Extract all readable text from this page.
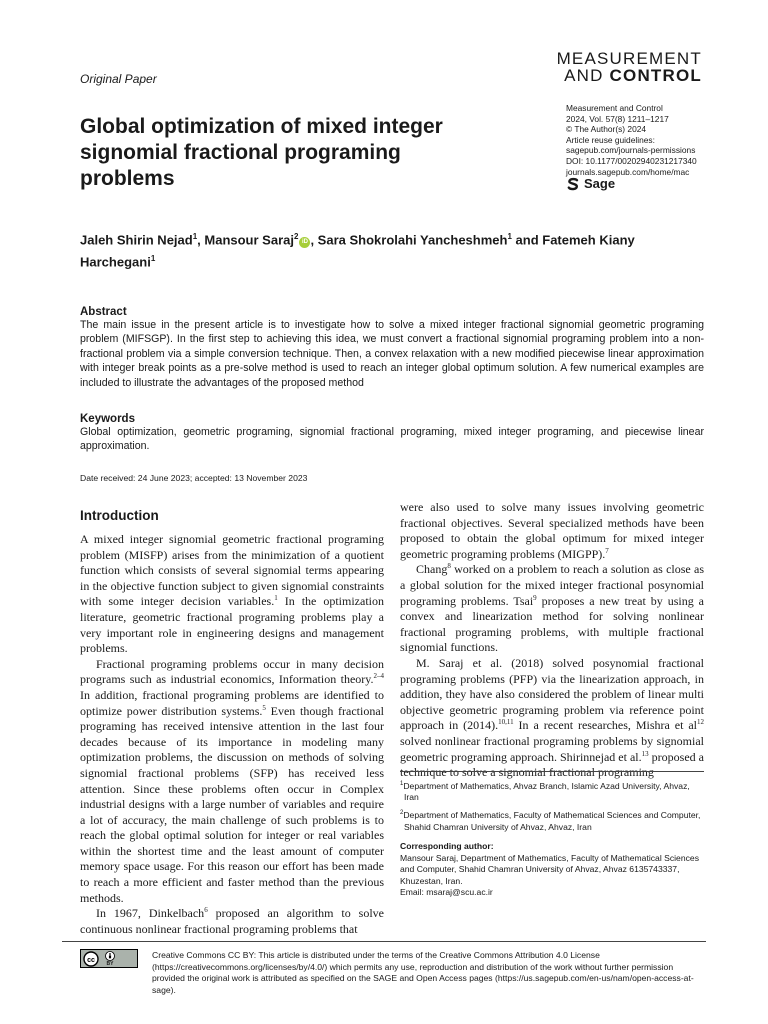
Original Paper
MEASUREMENT
AND CONTROL
Measurement and Control
2024, Vol. 57(8) 1211–1217
© The Author(s) 2024
Article reuse guidelines:
sagepub.com/journals-permissions
DOI: 10.1177/00202940231217340
journals.sagepub.com/home/mac
Sage
Global optimization of mixed integer signomial fractional programing problems
Jaleh Shirin Nejad$^1$, Mansour Saraj$^2$iD , Sara Shokrolahi Yancheshmeh$^1$ and Fatemeh Kiany Harchegani$^1$
Abstract
The main issue in the present article is to investigate how to solve a mixed integer fractional signomial geometric programing problem (MIFSGP). In the first step to achieving this idea, we must convert a fractional signomial programing problem into a non-fractional problem via a simple conversion technique. Then, a convex relaxation with a new modified piecewise linear approximation with integer break points as a pre-solve method is used to reach an integer global optimum solution. A few numerical examples are included to illustrate the advantages of the proposed method
Keywords
Global optimization, geometric programing, signomial fractional programing, mixed integer programing, and piecewise linear approximation.
Date received: 24 June 2023; accepted: 13 November 2023
Introduction

A mixed integer signomial geometric fractional programing problem (MISFP) arises from the minimization of a quotient function which consists of several signomial terms appearing in the objective function subject to given signomial constraints with some integer decision variables.$^1$ In the optimization literature, geometric fractional programing problems play a very important role in engineering designs and management problems.

Fractional programing problems occur in many decision programs such as industrial economics, Information theory.$^{2-4}$ In addition, fractional programing problems are identified to optimize power distribution systems.$^5$ Even though fractional programing has received intensive attention in the last four decades because of its importance in modeling many optimization problems, the discussion on methods of solving signomial fractional problems (SFP) has received less attention. Since these problems often occur in Complex industrial designs with a large number of variables and require a lot of accuracy, the main challenge of such problems is to reach the global optimal solution for integer or real variables within the shortest time and the least amount of computer memory space usage. For this reason our effort has been made to reach a more efficient and faster method than the previous methods.

In 1967, Dinkelbach$^6$ proposed an algorithm to solve continuous nonlinear fractional programing problems that

were also used to solve many issues involving geometric fractional objectives. Several specialized methods have been proposed to obtain the global optimum for mixed integer geometric programing problems (MIGPP).$^7$

Chang$^8$ worked on a problem to reach a solution as close as a global solution for the mixed integer fractional posynomial programing problems. Tsai$^9$ proposes a new treat by using a convex and linearization method for solving nonlinear fractional programing problems, with multiple fractional signomial functions.

M. Saraj et al. (2018) solved posynomial fractional programing problems (PFP) via the linearization approach, in addition, they have also considered the problem of linear multi objective geometric programing problem via reference point approach in (2014).$^{10,11}$ In a recent researches, Mishra et $al^{12}$ solved nonlinear fractional programing problems by signomial geometric programing approach. Shirinnejad et al.$^{13}$ proposed a technique to solve a signomial fractional programing

$^1$Department of Mathematics, Ahvaz Branch, Islamic Azad University, Ahvaz, Iran
$^2$Department of Mathematics, Faculty of Mathematical Sciences and Computer, Shahid Chamran University of Ahvaz, Ahvaz, Iran
Corresponding author:
Mansour Saraj, Department of Mathematics, Faculty of Mathematical Sciences and Computer, Shahid Chamran University of Ahvaz, Ahvaz 6135743337, Khuzestan, Iran.
Email: msaraj@scu.ac.ir
Creative Commons CC BY: This article is distributed under the terms of the Creative Commons Attribution 4.0 License (https://creativecommons.org/licenses/by/4.0/) which permits any use, reproduction and distribution of the work without further permission provided the original work is attributed as specified on the SAGE and Open Access pages (https://us.sagepub.com/en-us/nam/open-access-at-sage).
cc
BY
